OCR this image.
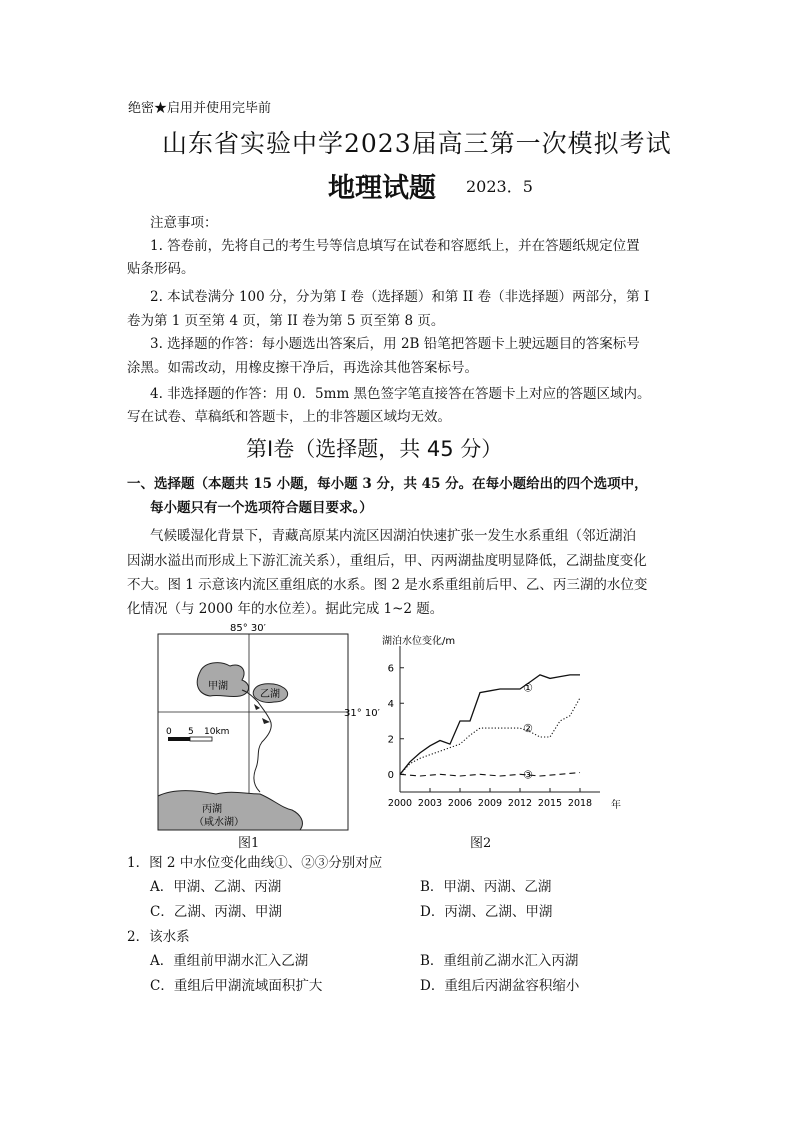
绝密★启用并使用完毕前
山东省实验中学2023届高三第一次模拟考试
地理试题 2023．5
注意事项：
1. 答卷前，先将自己的考生号等信息填写在试卷和容愿纸上，并在答题纸规定位置
贴条形码。
2. 本试卷满分 100 分，分为第 I 卷（选择题）和第 II 卷（非选择题）两部分，第 I
卷为第 1 页至第 4 页，第 II 卷为第 5 页至第 8 页。
3. 选择题的作答：每小题选出答案后，用 2B 铅笔把答题卡上驶远题目的答案标号
涂黑。如需改动，用橡皮擦干净后，再选涂其他答案标号。
4. 非选择题的作答：用 0．5mm 黑色签字笔直接答在答题卡上对应的答题区域内。
写在试卷、草稿纸和答题卡，上的非答题区域均无效。
第Ⅰ卷（选择题，共 45 分）
一、选择题（本题共 15 小题，每小题 3 分，共 45 分。在每小题给出的四个选项中，
每小题只有一个选项符合题目要求。）
气候暖湿化背景下，青藏高原某内流区因湖泊快速扩张一发生水系重组（邻近湖泊
因湖水溢出而形成上下游汇流关系），重组后，甲、丙两湖盐度明显降低，乙湖盐度变化
不大。图 1 示意该内流区重组底的水系。图 2 是水系重组前后甲、乙、丙三湖的水位变
化情况（与 2000 年的水位差）。据此完成 1~2 题。
85° 30′
31° 10′
甲湖
乙湖
丙湖
（咸水湖）
0 5 10km
图1
湖泊水位变化/m
0
2
4
6
2000 2003 2006 2009 2012 2015 2018
①
②
③
年
图2
1．图 2 中水位变化曲线①、②③分别对应
A．甲湖、乙湖、丙湖	B．甲湖、丙湖、乙湖
C．乙湖、丙湖、甲湖	D．丙湖、乙湖、甲湖
2．该水系
A．重组前甲湖水汇入乙湖	B．重组前乙湖水汇入丙湖
C．重组后甲湖流域面积扩大	D．重组后丙湖盆容积缩小
